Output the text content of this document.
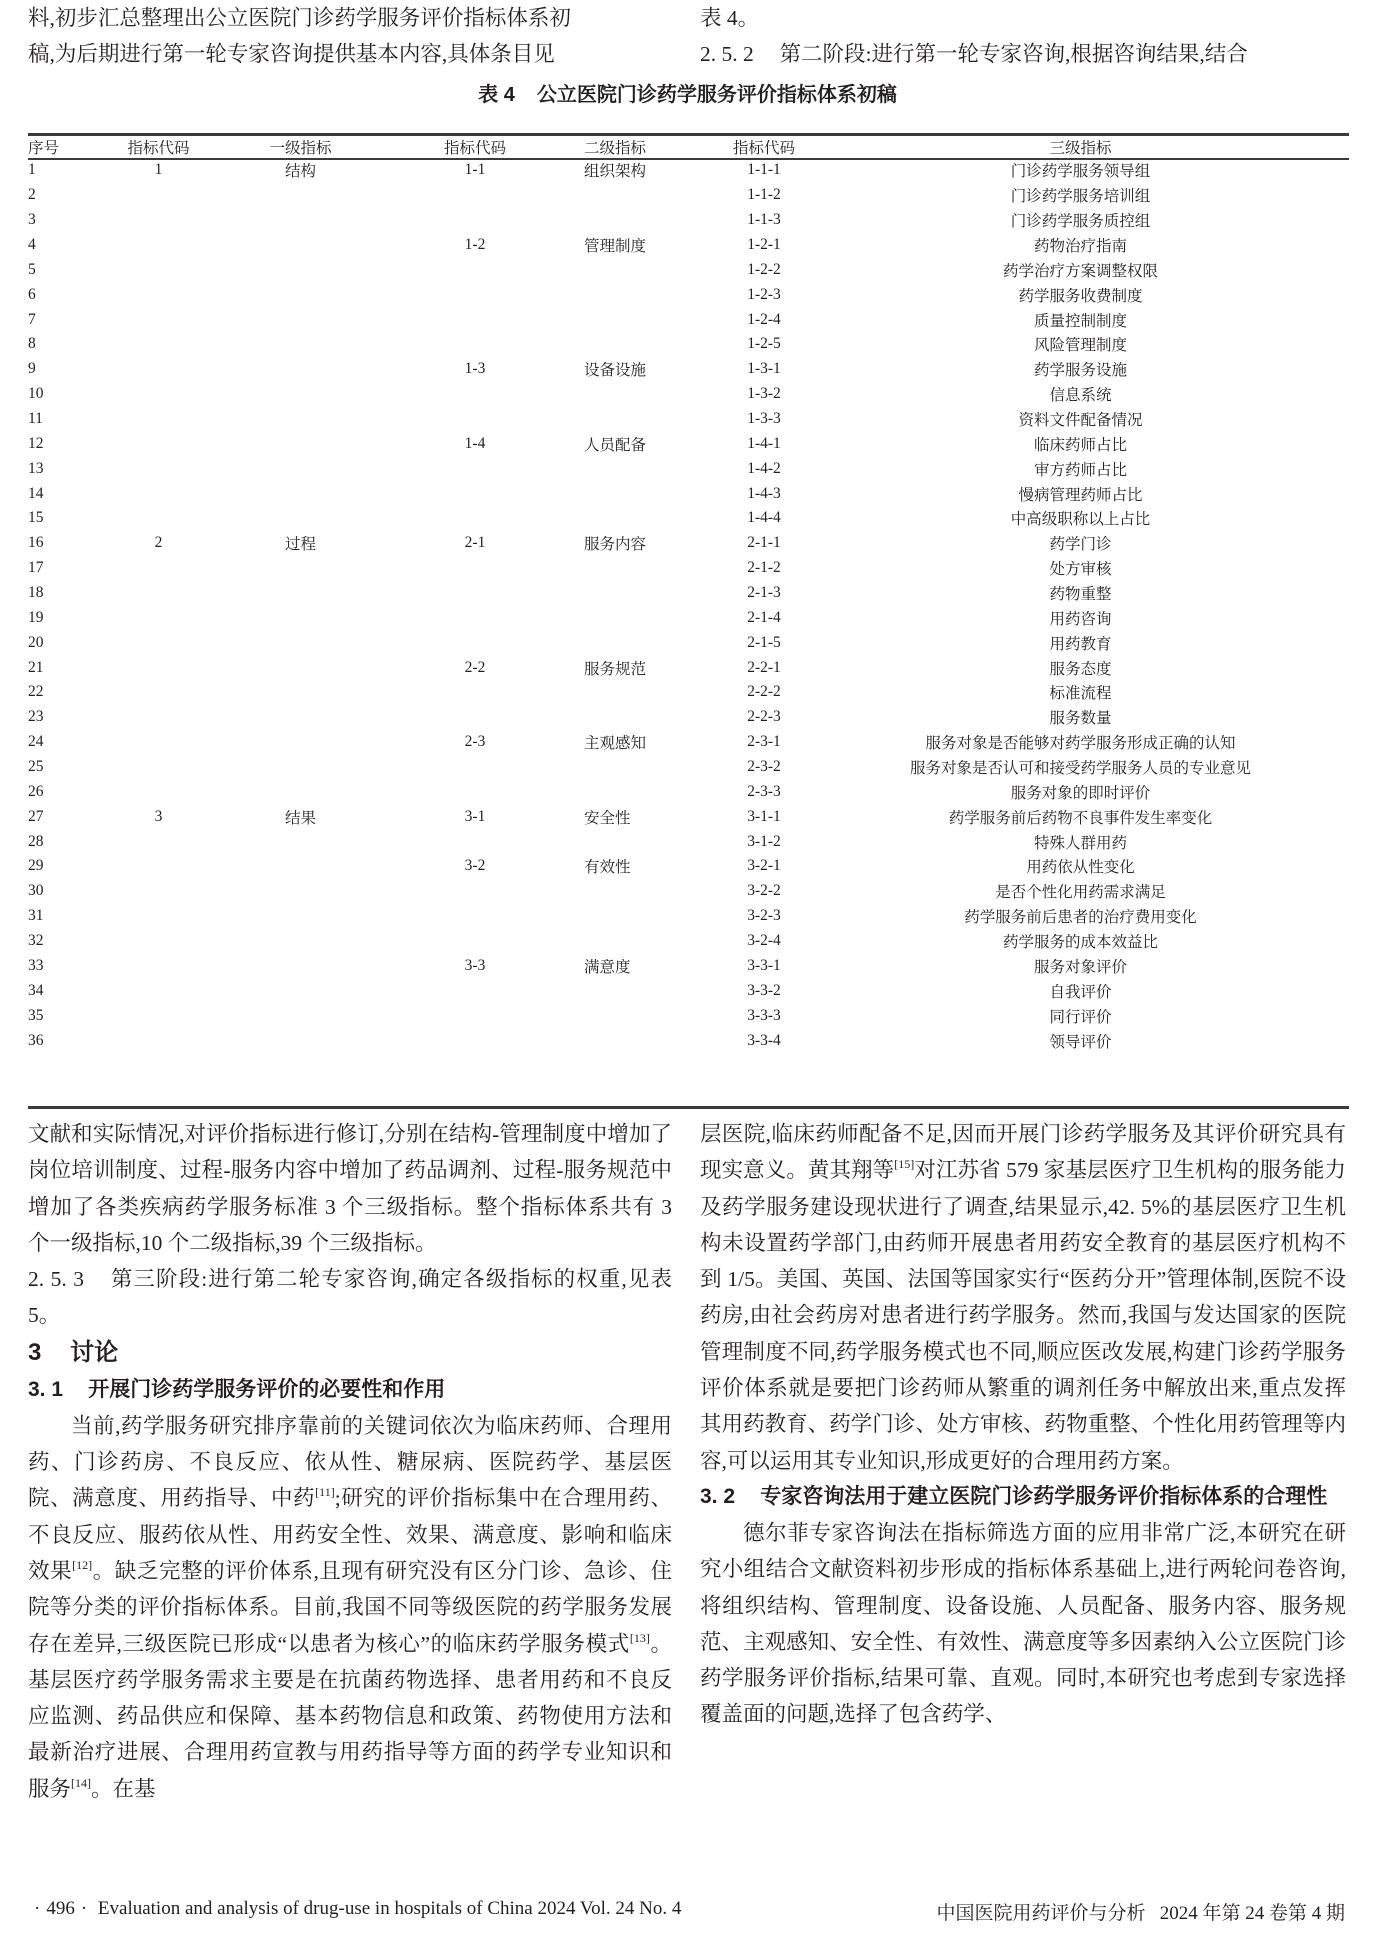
料,初步汇总整理出公立医院门诊药学服务评价指标体系初

稿,为后期进行第一轮专家咨询提供基本内容,具体条目见

表 4。

2. 5. 2 第二阶段:进行第一轮专家咨询,根据咨询结果,结合

表 4 公立医院门诊药学服务评价指标体系初稿
序号	指标代码	一级指标	指标代码	二级指标	指标代码	三级指标
1	1	结构	1-1	组织架构	1-1-1	门诊药学服务领导组
2					1-1-2	门诊药学服务培训组
3					1-1-3	门诊药学服务质控组
4			1-2	管理制度	1-2-1	药物治疗指南
5					1-2-2	药学治疗方案调整权限
6					1-2-3	药学服务收费制度
7					1-2-4	质量控制制度
8					1-2-5	风险管理制度
9			1-3	设备设施	1-3-1	药学服务设施
10					1-3-2	信息系统
11					1-3-3	资料文件配备情况
12			1-4	人员配备	1-4-1	临床药师占比
13					1-4-2	审方药师占比
14					1-4-3	慢病管理药师占比
15					1-4-4	中高级职称以上占比
16	2	过程	2-1	服务内容	2-1-1	药学门诊
17					2-1-2	处方审核
18					2-1-3	药物重整
19					2-1-4	用药咨询
20					2-1-5	用药教育
21			2-2	服务规范	2-2-1	服务态度
22					2-2-2	标准流程
23					2-2-3	服务数量
24			2-3	主观感知	2-3-1	服务对象是否能够对药学服务形成正确的认知
25					2-3-2	服务对象是否认可和接受药学服务人员的专业意见
26					2-3-3	服务对象的即时评价
27	3	结果	3-1	安全性	3-1-1	药学服务前后药物不良事件发生率变化
28					3-1-2	特殊人群用药
29			3-2	有效性	3-2-1	用药依从性变化
30					3-2-2	是否个性化用药需求满足
31					3-2-3	药学服务前后患者的治疗费用变化
32					3-2-4	药学服务的成本效益比
33			3-3	满意度	3-3-1	服务对象评价
34					3-3-2	自我评价
35					3-3-3	同行评价
36					3-3-4	领导评价

文献和实际情况,对评价指标进行修订,分别在结构-管理制度中增加了岗位培训制度、过程-服务内容中增加了药品调剂、过程-服务规范中增加了各类疾病药学服务标准 3 个三级指标。整个指标体系共有 3 个一级指标,10 个二级指标,39 个三级指标。

2. 5. 3 第三阶段:进行第二轮专家咨询,确定各级指标的权重,见表 5。

3 讨论

3. 1 开展门诊药学服务评价的必要性和作用

当前,药学服务研究排序靠前的关键词依次为临床药师、合理用药、门诊药房、不良反应、依从性、糖尿病、医院药学、基层医院、满意度、用药指导、中药[11];研究的评价指标集中在合理用药、不良反应、服药依从性、用药安全性、效果、满意度、影响和临床效果[12]。缺乏完整的评价体系,且现有研究没有区分门诊、急诊、住院等分类的评价指标体系。目前,我国不同等级医院的药学服务发展存在差异,三级医院已形成“以患者为核心”的临床药学服务模式[13]。基层医疗药学服务需求主要是在抗菌药物选择、患者用药和不良反应监测、药品供应和保障、基本药物信息和政策、药物使用方法和最新治疗进展、合理用药宣教与用药指导等方面的药学专业知识和服务[14]。在基

层医院,临床药师配备不足,因而开展门诊药学服务及其评价研究具有现实意义。黄其翔等[15]对江苏省 579 家基层医疗卫生机构的服务能力及药学服务建设现状进行了调查,结果显示,42. 5%的基层医疗卫生机构未设置药学部门,由药师开展患者用药安全教育的基层医疗机构不到 1/5。美国、英国、法国等国家实行“医药分开”管理体制,医院不设药房,由社会药房对患者进行药学服务。然而,我国与发达国家的医院管理制度不同,药学服务模式也不同,顺应医改发展,构建门诊药学服务评价体系就是要把门诊药师从繁重的调剂任务中解放出来,重点发挥其用药教育、药学门诊、处方审核、药物重整、个性化用药管理等内容,可以运用其专业知识,形成更好的合理用药方案。

3. 2 专家咨询法用于建立医院门诊药学服务评价指标体系的合理性

德尔菲专家咨询法在指标筛选方面的应用非常广泛,本研究在研究小组结合文献资料初步形成的指标体系基础上,进行两轮问卷咨询,将组织结构、管理制度、设备设施、人员配备、服务内容、服务规范、主观感知、安全性、有效性、满意度等多因素纳入公立医院门诊药学服务评价指标,结果可靠、直观。同时,本研究也考虑到专家选择覆盖面的问题,选择了包含药学、

· 496 · Evaluation and analysis of drug-use in hospitals of China 2024 Vol. 24 No. 4	中国医院用药评价与分析 2024 年第 24 卷第 4 期
